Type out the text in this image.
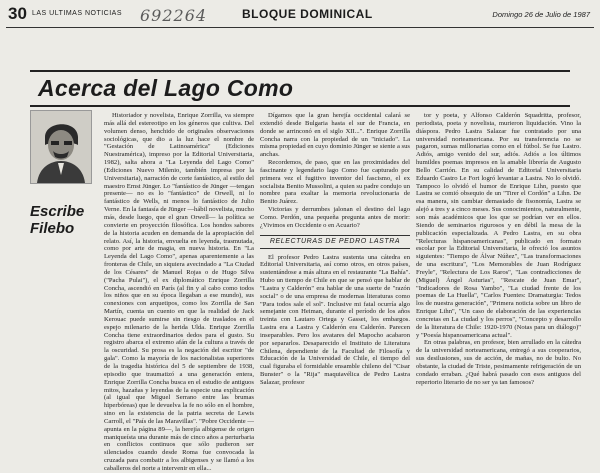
30 LAS ULTIMAS NOTICIAS 692264	BLOQUE DOMINICAL	Domingo 26 de Julio de 1987
Acerca del Lago Como
Escribe
Filebo

Historiador y novelista, Enrique Zorrilla, va siempre más allá del estereotipo en los géneros que cultiva. Del volumen denso, henchido de originales observaciones sociológicas, que dio a la luz hace el nombre de "Gestación de Latinoamérica" (Ediciones Nuestramérica), impreso por la Editorial Universitaria, 1982), salta ahora a "La Leyenda del Lago Como" (Ediciones Nuevo Milenio, también impresa por la Universitaria), narración de corte fantástico, al estilo del maestro Ernst Jünger. Lo "fantástico de Jünger —tengan presente— no es lo "fantástico" de Orwell, ni lo fantástico de Wells, ni menos lo fantástico de Julio Verne. En la fantasía de Jünger —hábil novelista, mucho más, desde luego, que el gran Orwell— la política se convierte en proyección filosófica. Los hondos sabores de la historia acuden en demanda de la apropiación del relato. Así, la historia, envuelta en leyenda, trasmutada, como por arte de magia, en nueva historia. En "La Leyenda del Lago Como", apenas aparentemente a las fronteras de Chile, un siquiera avecindado a "La Ciudad de los Césares" de Manuel Rojas o de Hugo Silva ("Pacha Pulai"), el ex diplomático Enrique Zorrilla Concha, ascendió en París (al fin y al cabo como todos los niños que en su época llegaban a ese mundo), sus conexiones con arquetipos, como los Zorrilla de San Martín, cuenta un cuento en que la realidad de Jack Kerouac puede sumirse sin riesgo de traslados en el espejo milenario de la herida Ulda. Enrique Zorrilla Concha tiene extraordinarios dedos para el gusto. Su registro abarca el extremo afán de la cultura a través de la oscuridad. Su prosa es la negación del escritor "de gala". Como la mayoría de los nacionalistas superiores de la tragedia histórica del 5 de septiembre de 1938, episodio que traumatizó a una generación entera, Enrique Zorrilla Concha busca en el estudio de antiguos mitos, hazañas y leyendas de la especie una explicación (al igual que Miguel Serrano entre las brumas hiperbóreas) que le devuelva la fe no sólo en el hombre, sino en la existencia de la patria secreta de Lewis Carroll, el "País de las Maravillas". "Pobre Occidente —apunta en la página 89—, la herejía albigense de origen maniqueísta una durante más de cinco años a perturbaria en conflictos continuos que sólo pudieron ser silenciados cuando desde Roma fue convocada la cruzada para combatir a los albigenses y se llamó a los caballeros del norte a intervenir en ella...

Dígamos que la gran herejía occidental calará se extendió desde Bulgaria hasta el sur de Francia, en donde se arrinconó en el siglo XII...". Enrique Zorrilla Concha narra con la propiedad de un "iniciado". La misma propiedad en cuyo dominio Jünger se siente a sus anchas.

Recordemos, de paso, que en las proximidades del fascinante y legendario lago Como fue capturado por primera vez el fugitivo inventor del fascismo, el ex socialista Benito Mussolini, a quien su padre condujo un nombre para exaltar la memoria revolucionaria de Benito Juárez.

Victorias y derrumbes jalonan el destino del lago Como. Perdón, una pequeña pregunta antes de morir: ¿Vivimos en Occidente o en Acuario?

RELECTURAS DE PEDRO LASTRA

El profesor Pedro Lastra sustenta una cátedra en Editorial Universitaria, así como otros, en otros países, sustentándose a más altura en el restaurante "La Bahía". Hubo un tiempo de Chile en que se pensó que hablar de "Lastra y Calderón" era hablar de una suerte de "razón social" o de una empresa de modernas literaturas como "Para todos sale el sol". Inclusive mi fatal ocurría algo semejante con Heiman, durante el período de los años treinta con Lautaro Ortega y Gasset, los embargos. Lastra era a Lastra y Calderón era Calderón. Parecen inseparables. Pero los avatares del Mapocho acabaron por separarlos. Desaparecido el Instituto de Literatura Chilena, dependiente de la Facultad de Filosofía y Educación de la Universidad de Chile, el tiempo del cual figuraba el formidable ensamble chileno del "Cisar Bunster" o la "Rija" maquiavélica de Pedro Lastra Salazar, profesor

tor y poeta, y Alfonso Calderón Squadritta, profesor, periodista, poeta y novelista, murieron liquidación. Vino la diáspora. Pedro Lastra Salazar fue contratado por una universidad norteamericana. Por su transferencia no se pagaron, sumas millonarias como en el fútbol. Se fue Lastro. Adiós, amigo venido del sur, adiós. Adiós a los últimos humildes poemas impresos en la amable librería de Augusto Bello Carrión. En su calidad de Editorial Universitaria Eduardo Castro Le Fort logró levantar a Lastra. No lo olvidó. Tampoco lo olvidó el humor de Enrique Lihn, puesto que Lastra se comió obsequio de un "Tirer el Cordón" a Lihn. De esa manera, sin cambiar demasiado de fisonomía, Lastra se alejó a tres y a cinco meses. Sus conocimientos, naturalmente, son más académicos que los que se podrían ver en ellos. Siendo de seminarios rigurosos y en débil la mesa de la publicación especializada. A Pedro Lastra, en su obra "Relecturas hispanoamericanas", publicado en formato escolar por la Editorial Universitaria, le ofreció los asuntos siguientes: "Tiempo de Álvar Núñez", "Las transformaciones de una escritura", "Los Memorables de Juan Rodríguez Freyle", "Relectura de Los Raros", "Las contradicciones de (Miguel) Ángel Asturias", "Rescate de Juan Emar", "Indicadores de Rosa Yambo", "La ciudad frente de los poemas de La Huella", "Carlos Fuentes: Dramaturgia: Tedos los de nuestra generación", "Primera noticia sobre un libro de Enrique Lihn", "Un caso de elaboración de las experiencias concretas en La ciudad y los perros", "Concepto y desarrollo de la literatura de Chile: 1920-1970 (Notas para un diálogo)" y "Poesía hispanoamericana actual".

En otras palabras, en profesor, bien arrullado en la cátedra de la universidad norteamericana, entregó a sus cooperarios, sus desilusiones, sus de acción, de mañas, no de bulto. No obstante, la ciudad de Triste, pesimamente refrigeración de un condado erraban. ¿Qué habrá pasado con esos antiguos del repertorio literario de no ser ya tan famosos?
